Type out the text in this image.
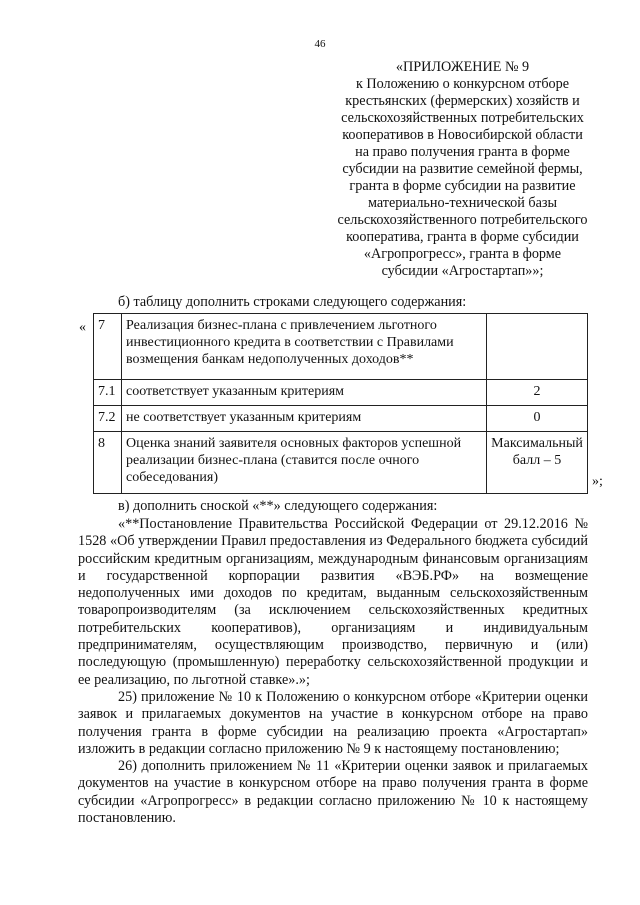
46
«ПРИЛОЖЕНИЕ № 9
к Положению о конкурсном отборе
крестьянских (фермерских) хозяйств и
сельскохозяйственных потребительских
кооперативов в Новосибирской области
на право получения гранта в форме
субсидии на развитие семейной фермы,
гранта в форме субсидии на развитие
материально-технической базы
сельскохозяйственного потребительского
кооператива, гранта в форме субсидии
«Агропрогресс», гранта в форме
субсидии «Агростартап»»;
б) таблицу дополнить строками следующего содержания:
« 7	Реализация бизнес-плана с привлечением льготного инвестиционного кредита в соответствии с Правилами возмещения банкам недополученных доходов**	
7.1	соответствует указанным критериям	2
7.2	не соответствует указанным критериям	0
8	Оценка знаний заявителя основных факторов успешной реализации бизнес-плана (ставится после очного собеседования)	Максимальный балл – 5
»;
в) дополнить сноской «**» следующего содержания:

«**Постановление Правительства Российской Федерации от 29.12.2016 № 1528 «Об утверждении Правил предоставления из Федерального бюджета субсидий российским кредитным организациям, международным финансовым организациям и государственной корпорации развития «ВЭБ.РФ» на возмещение недополученных ими доходов по кредитам, выданным сельскохозяйственным товаропроизводителям (за исключением сельскохозяйственных кредитных потребительских кооперативов), организациям и индивидуальным предпринимателям, осуществляющим производство, первичную и (или) последующую (промышленную) переработку сельскохозяйственной продукции и ее реализацию, по льготной ставке».»;

25) приложение № 10 к Положению о конкурсном отборе «Критерии оценки заявок и прилагаемых документов на участие в конкурсном отборе на право получения гранта в форме субсидии на реализацию проекта «Агростартап» изложить в редакции согласно приложению № 9 к настоящему постановлению;

26) дополнить приложением № 11 «Критерии оценки заявок и прилагаемых документов на участие в конкурсном отборе на право получения гранта в форме субсидии «Агропрогресс» в редакции согласно приложению № 10 к настоящему постановлению.
